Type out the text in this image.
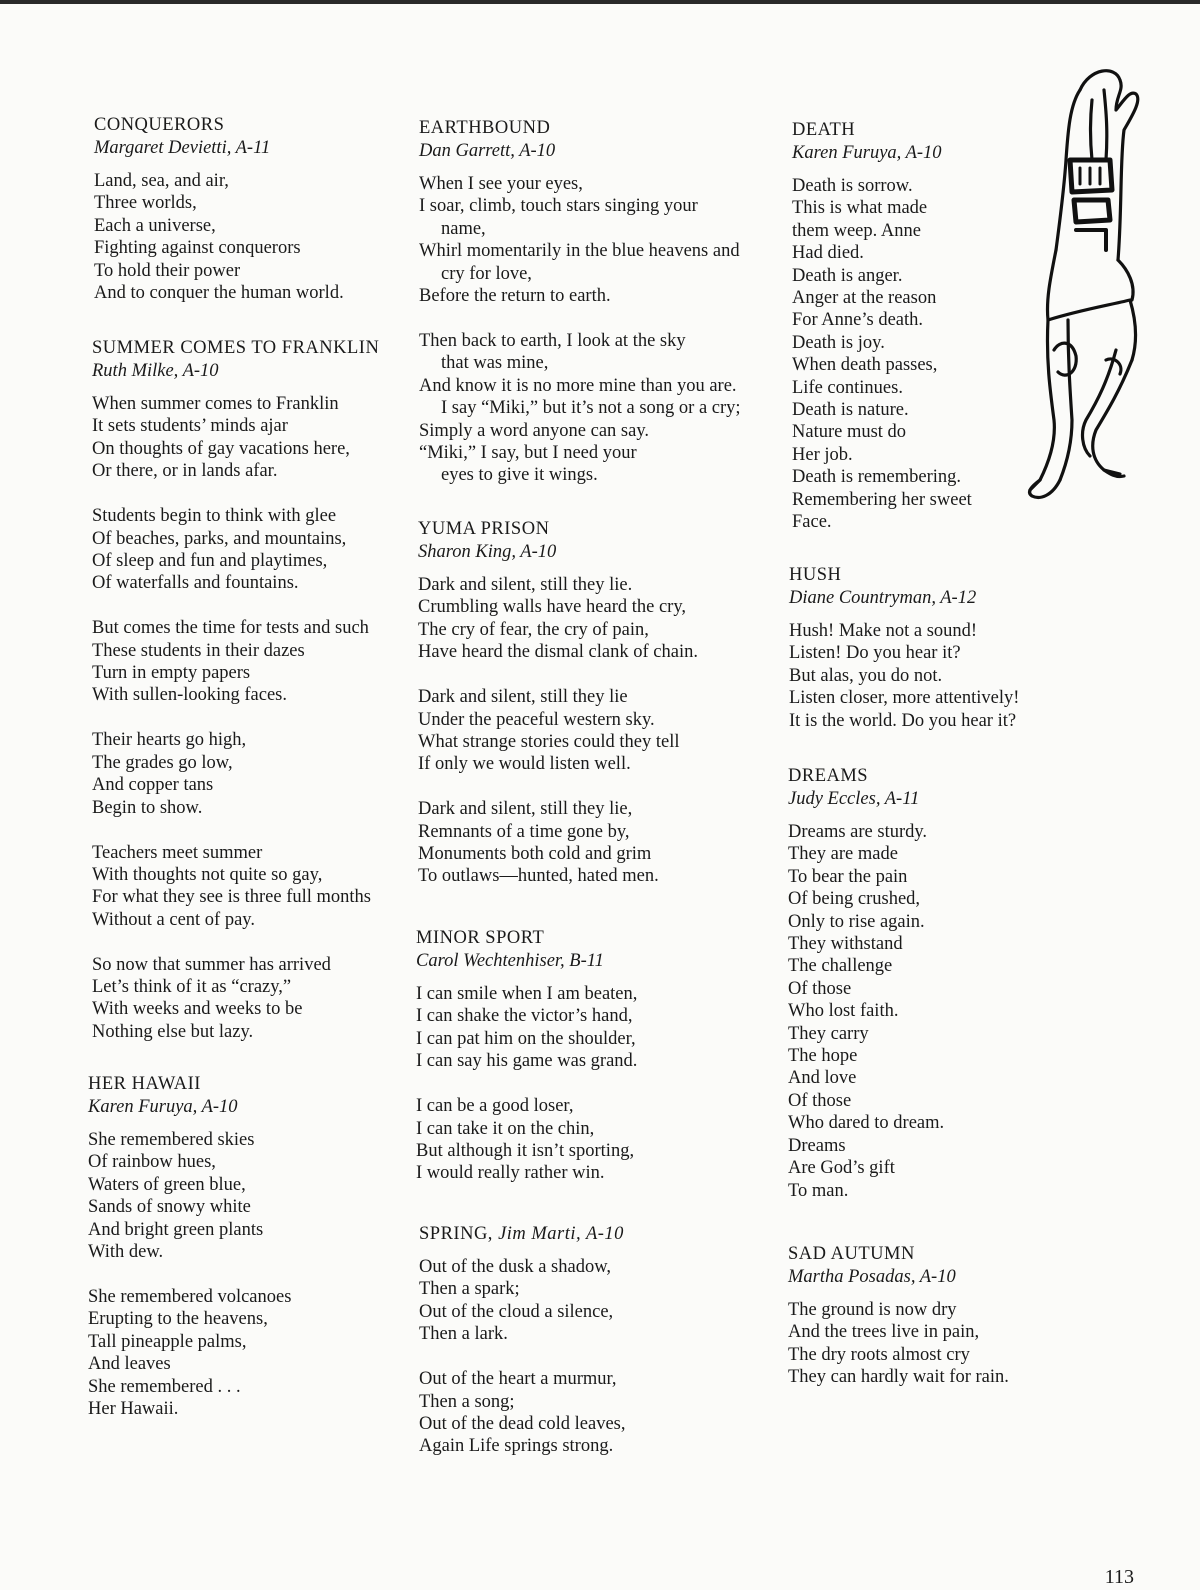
CONQUERORS
Margaret Devietti, A-11
Land, sea, and air,
Three worlds,
Each a universe,
Fighting against conquerors
To hold their power
And to conquer the human world.
SUMMER COMES TO FRANKLIN
Ruth Milke, A-10
When summer comes to Franklin
It sets students’ minds ajar
On thoughts of gay vacations here,
Or there, or in lands afar.
Students begin to think with glee
Of beaches, parks, and mountains,
Of sleep and fun and playtimes,
Of waterfalls and fountains.
But comes the time for tests and such
These students in their dazes
Turn in empty papers
With sullen-looking faces.
Their hearts go high,
The grades go low,
And copper tans
Begin to show.
Teachers meet summer
With thoughts not quite so gay,
For what they see is three full months
Without a cent of pay.
So now that summer has arrived
Let’s think of it as “crazy,”
With weeks and weeks to be
Nothing else but lazy.
HER HAWAII
Karen Furuya, A-10
She remembered skies
Of rainbow hues,
Waters of green blue,
Sands of snowy white
And bright green plants
With dew.
She remembered volcanoes
Erupting to the heavens,
Tall pineapple palms,
And leaves
She remembered . . .
Her Hawaii.
EARTHBOUND
Dan Garrett, A-10
When I see your eyes,
I soar, climb, touch stars singing your
name,
Whirl momentarily in the blue heavens and
cry for love,
Before the return to earth.
Then back to earth, I look at the sky
that was mine,
And know it is no more mine than you are.
I say “Miki,” but it’s not a song or a cry;
Simply a word anyone can say.
“Miki,” I say, but I need your
eyes to give it wings.
YUMA PRISON
Sharon King, A-10
Dark and silent, still they lie.
Crumbling walls have heard the cry,
The cry of fear, the cry of pain,
Have heard the dismal clank of chain.
Dark and silent, still they lie
Under the peaceful western sky.
What strange stories could they tell
If only we would listen well.
Dark and silent, still they lie,
Remnants of a time gone by,
Monuments both cold and grim
To outlaws—hunted, hated men.
MINOR SPORT
Carol Wechtenhiser, B-11
I can smile when I am beaten,
I can shake the victor’s hand,
I can pat him on the shoulder,
I can say his game was grand.
I can be a good loser,
I can take it on the chin,
But although it isn’t sporting,
I would really rather win.
SPRING, Jim Marti, A-10
Out of the dusk a shadow,
Then a spark;
Out of the cloud a silence,
Then a lark.
Out of the heart a murmur,
Then a song;
Out of the dead cold leaves,
Again Life springs strong.
DEATH
Karen Furuya, A-10
Death is sorrow.
This is what made
them weep. Anne
Had died.
Death is anger.
Anger at the reason
For Anne’s death.
Death is joy.
When death passes,
Life continues.
Death is nature.
Nature must do
Her job.
Death is remembering.
Remembering her sweet
Face.
HUSH
Diane Countryman, A-12
Hush! Make not a sound!
Listen! Do you hear it?
But alas, you do not.
Listen closer, more attentively!
It is the world. Do you hear it?
DREAMS
Judy Eccles, A-11
Dreams are sturdy.
They are made
To bear the pain
Of being crushed,
Only to rise again.
They withstand
The challenge
Of those
Who lost faith.
They carry
The hope
And love
Of those
Who dared to dream.
Dreams
Are God’s gift
To man.
SAD AUTUMN
Martha Posadas, A-10
The ground is now dry
And the trees live in pain,
The dry roots almost cry
They can hardly wait for rain.
113
